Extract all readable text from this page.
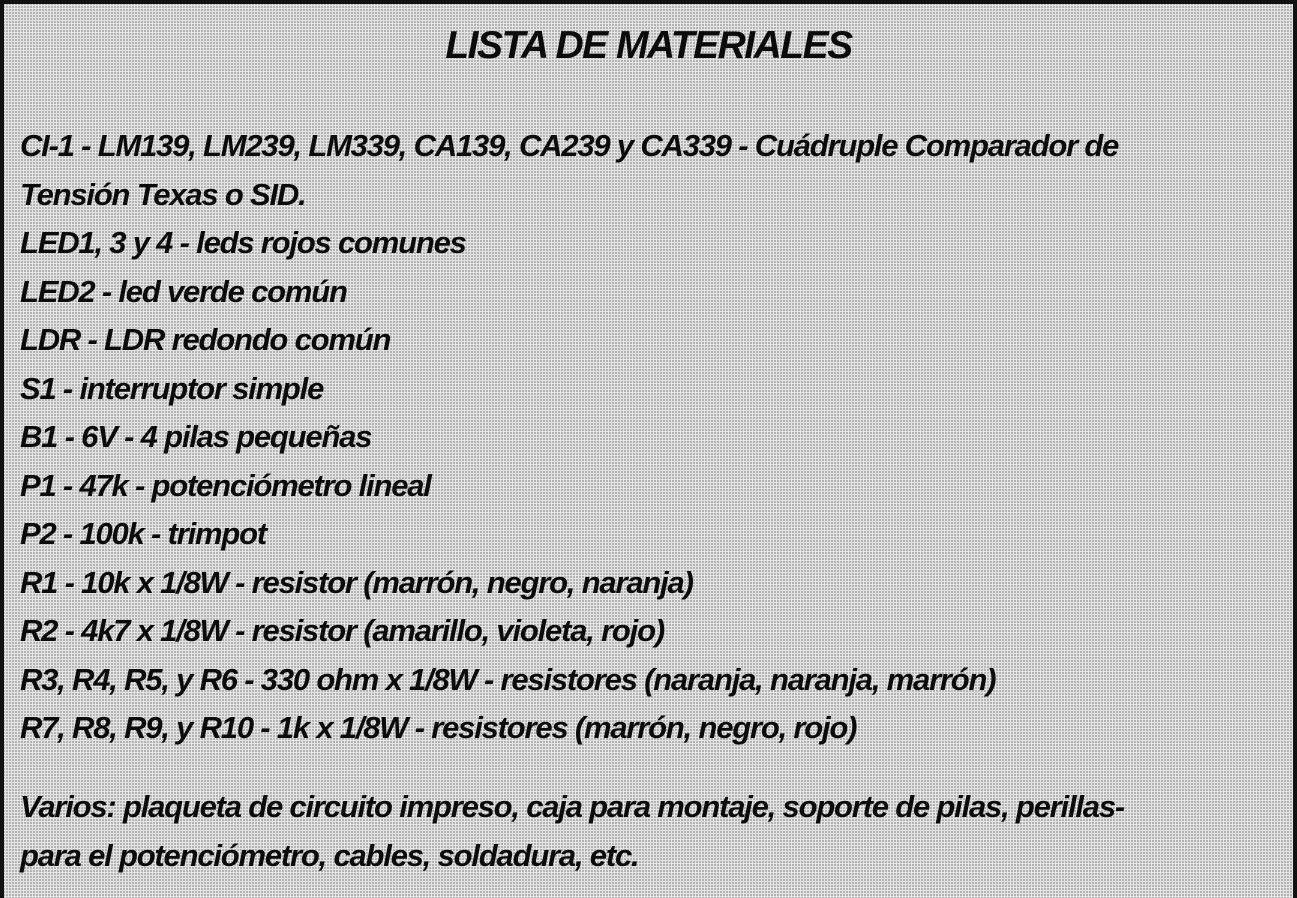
LISTA DE MATERIALES
CI-1 - LM139, LM239, LM339, CA139, CA239 y CA339 - Cuádruple Comparador de
Tensión Texas o SID.
LED1, 3 y 4 - leds rojos comunes
LED2 - led verde común
LDR - LDR redondo común
S1 - interruptor simple
B1 - 6V - 4 pilas pequeñas
P1 - 47k - potenciómetro lineal
P2 - 100k - trimpot
R1 - 10k x 1/8W - resistor (marrón, negro, naranja)
R2 - 4k7 x 1/8W - resistor (amarillo, violeta, rojo)
R3, R4, R5, y R6 - 330 ohm x 1/8W - resistores (naranja, naranja, marrón)
R7, R8, R9, y R10 - 1k x 1/8W - resistores (marrón, negro, rojo)
Varios: plaqueta de circuito impreso, caja para montaje, soporte de pilas, perillas-
para el potenciómetro, cables, soldadura, etc.
